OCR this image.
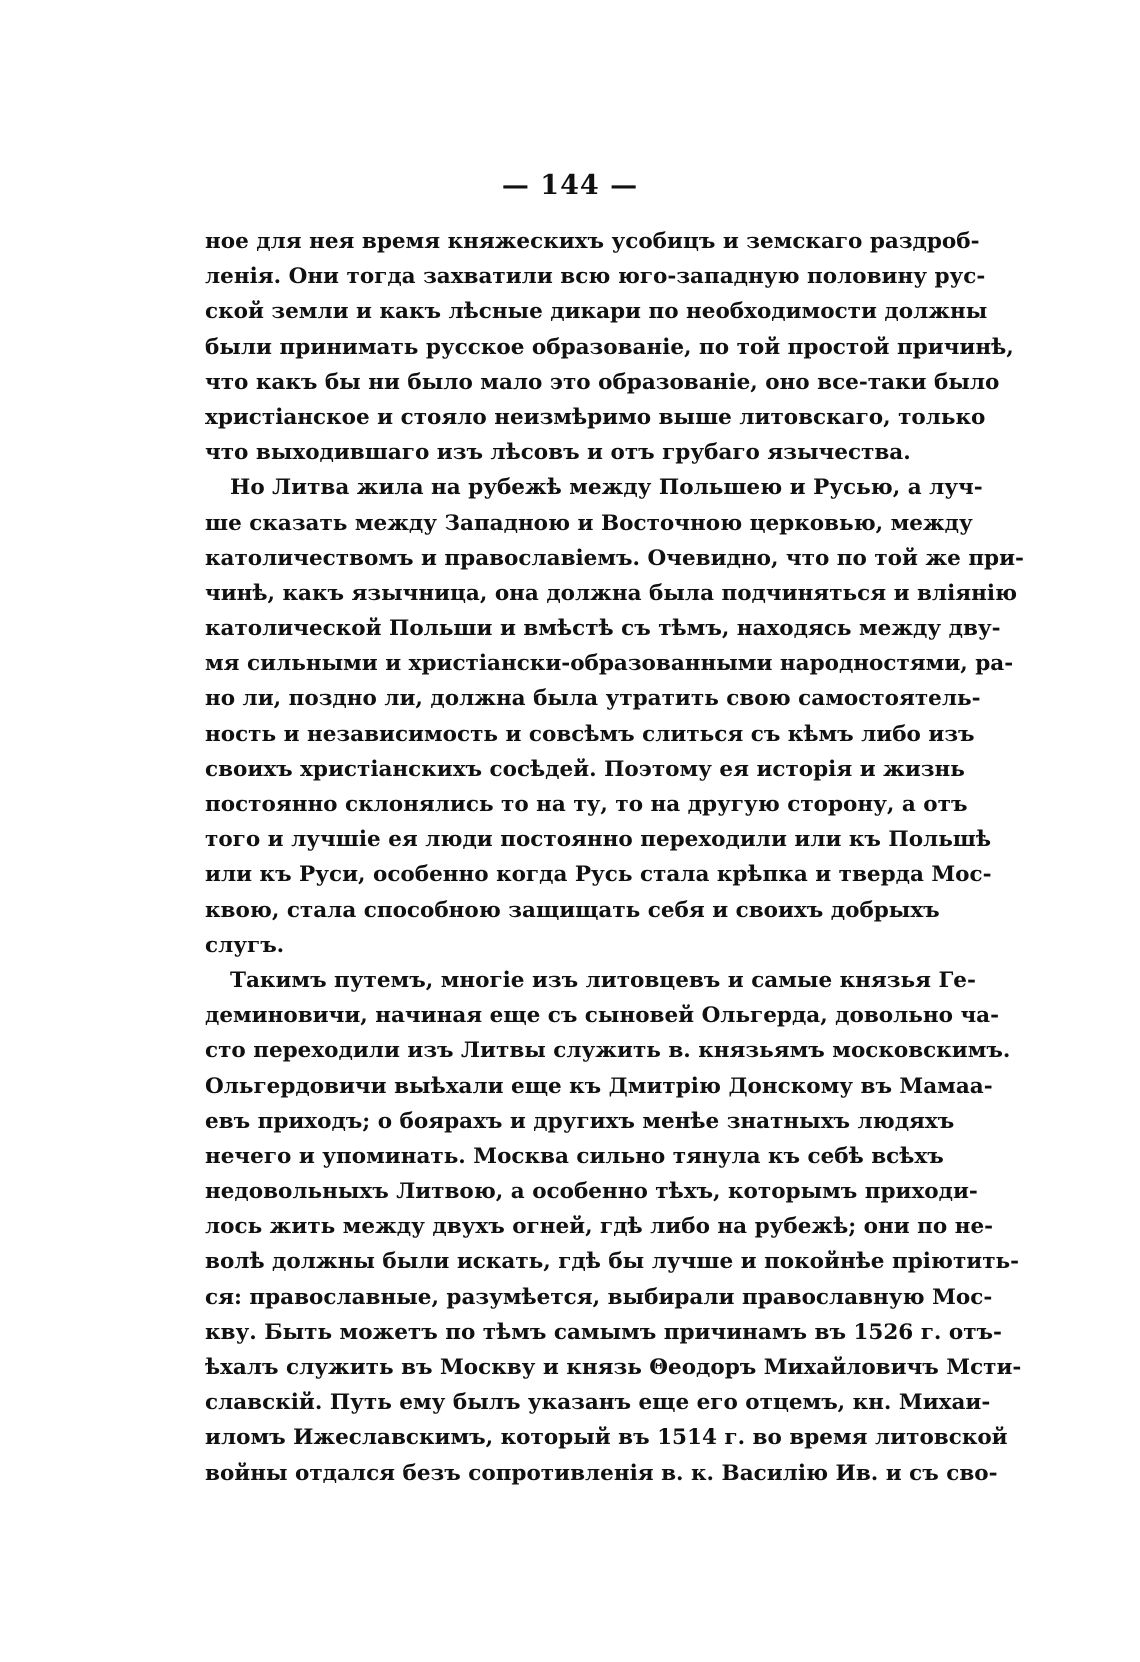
— 144 —
ное для нея время княжескихъ усобицъ и земскаго раздроб-
ленія. Они тогда захватили всю юго-западную половину рус-
ской земли и какъ лѣсные дикари по необходимости должны
были принимать русское образованіе, по той простой причинѣ,
что какъ бы ни было мало это образованіе, оно все-таки было
христіанское и стояло неизмѣримо выше литовскаго, только
что выходившаго изъ лѣсовъ и отъ грубаго язычества.
Но Литва жила на рубежѣ между Польшею и Русью, а луч-
ше сказать между Западною и Восточною церковью, между
католичествомъ и православіемъ. Очевидно, что по той же при-
чинѣ, какъ язычница, она должна была подчиняться и вліянію
католической Польши и вмѣстѣ съ тѣмъ, находясь между дву-
мя сильными и христіански-образованными народностями, ра-
но ли, поздно ли, должна была утратить свою самостоятель-
ность и независимость и совсѣмъ слиться съ кѣмъ либо изъ
своихъ христіанскихъ сосѣдей. Поэтому ея исторія и жизнь
постоянно склонялись то на ту, то на другую сторону, а отъ
того и лучшіе ея люди постоянно переходили или къ Польшѣ
или къ Руси, особенно когда Русь стала крѣпка и тверда Мос-
квою, стала способною защищать себя и своихъ добрыхъ
слугъ.
Такимъ путемъ, многіе изъ литовцевъ и самые князья Ге-
деминовичи, начиная еще съ сыновей Ольгерда, довольно ча-
сто переходили изъ Литвы служить в. князьямъ московскимъ.
Ольгердовичи выѣхали еще къ Дмитрію Донскому въ Мамаа-
евъ приходъ; о боярахъ и другихъ менѣе знатныхъ людяхъ
нечего и упоминать. Москва сильно тянула къ себѣ всѣхъ
недовольныхъ Литвою, а особенно тѣхъ, которымъ приходи-
лось жить между двухъ огней, гдѣ либо на рубежѣ; они по не-
волѣ должны были искать, гдѣ бы лучше и покойнѣе пріютить-
ся: православные, разумѣется, выбирали православную Мос-
кву. Быть можетъ по тѣмъ самымъ причинамъ въ 1526 г. отъ-
ѣхалъ служить въ Москву и князь Θеодоръ Михайловичъ Мсти-
славскій. Путь ему былъ указанъ еще его отцемъ, кн. Михаи-
иломъ Ижеславскимъ, который въ 1514 г. во время литовской
войны отдался безъ сопротивленія в. к. Василію Ив. и съ сво-
